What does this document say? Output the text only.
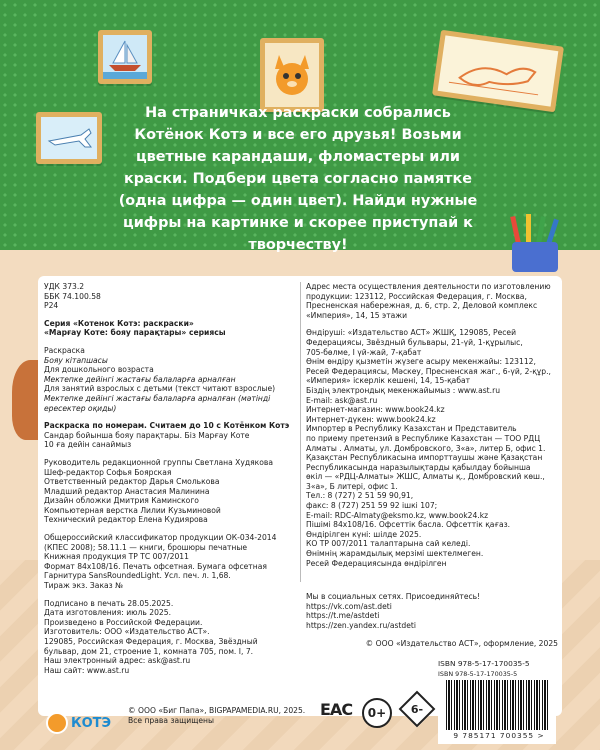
На страничках раскраски собрались Котёнок Котэ и все его друзья! Возьми цветные карандаши, фломастеры или краски. Подбери цвета согласно памятке (одна цифра — один цвет). Найди нужные цифры на картинке и скорее приступай к творчеству!
УДК 373.2
ББК 74.100.58
Р24
Серия «Котенок Котэ: раскраски»
«Марғау Коте: бояу парақтары» сериясы
Раскраска
Бояу кітапшасы
Для дошкольного возраста
Мектепке дейінгі жастағы балаларға арналған
Для занятий взрослых с детьми (текст читают взрослые)
Мектепке дейінгі жастағы балаларға арналған (мәтінді
ересектер оқиды)
Раскраска по номерам. Считаем до 10 с Котёнком Котэ
Сандар бойынша бояу парақтары. Біз Марғау Коте
10 ға дейін санаймыз
Руководитель редакционной группы Светлана Худякова
Шеф-редактор Софья Боярская
Ответственный редактор Дарья Смолькова
Младший редактор Анастасия Малинина
Дизайн обложки Дмитрия Каминского
Компьютерная верстка Лилии Кузьминовой
Технический редактор Елена Кудиярова
Общероссийский классификатор продукции ОК-034-2014
(КПЕС 2008); 58.11.1 — книги, брошюры печатные
Книжная продукция ТР ТС 007/2011
Формат 84х108/16. Печать офсетная. Бумага офсетная
Гарнитура SansRoundedLight. Усл. печ. л. 1,68.
Тираж экз. Заказ №
Подписано в печать 28.05.2025.
Дата изготовления: июль 2025.
Произведено в Российской Федерации.
Изготовитель: ООО «Издательство АСТ».
129085, Российская Федерация, г. Москва, Звёздный
бульвар, дом 21, строение 1, комната 705, пом. I, 7.
Наш электронный адрес: ask@ast.ru
Наш сайт: www.ast.ru
Адрес места осуществления деятельности по изготовлению
продукции: 123112, Российская Федерация, г. Москва,
Пресненская набережная, д. 6, стр. 2, Деловой комплекс
«Империя», 14, 15 этажи
Өндіруші: «Издательство АСТ» ЖШҚ, 129085, Ресей
Федерациясы, Звёздный бульвары, 21-үй, 1-құрылыс,
705-бөлме, I үй-жай, 7-қабат
Өнім өндіру қызметін жүзеге асыру мекенжайы: 123112,
Ресей Федерациясы, Мәскеу, Пресненская жаг., 6-үй, 2-құр.,
«Империя» іскерлік кешені, 14, 15-қабат
Біздің электрондық мекенжайымыз : www.ast.ru
E-mail: ask@ast.ru
Интернет-магазин: www.book24.kz
Интернет-дүкен: www.book24.kz
Импортер в Республику Казахстан и Представитель
по приему претензий в Республике Казахстан — ТОО РДЦ
Алматы . Алматы, ул. Домбровского, 3«а», литер Б, офис 1.
Қазақстан Республикасына импорттаушы және Қазақстан
Республикасында наразылықтарды қабылдау бойынша
өкіл — «РДЦ-Алматы» ЖШС, Алматы қ., Домбровский көш.,
3«а», Б литері, офис 1.
Тел.: 8 (727) 2 51 59 90,91,
факс: 8 (727) 251 59 92 ішкі 107;
E-mail: RDC-Almaty@eksmo.kz, www.book24.kz
Пішімі 84х108/16. Офсеттік басла. Офсеттік қағаз.
Өндірілген күні: шілде 2025.
КО ТР 007/2011 талаптарына сай келеді.
Өнімнің жарамдылық мерзімі шектелмеген.
Ресей Федерациясында өндірілген
Мы в социальных сетях. Присоединяйтесь!
https://vk.com/ast.deti
https://t.me/astdeti
https://zen.yandex.ru/astdeti
© ООО «Издательство АСТ», оформление, 2025
КОТЭ
© ООО «Биг Папа», BIGPAPAMEDIA.RU, 2025.
Все права защищены
EAC	0+	6-
ISBN 978-5-17-170035-5
ISBN 978-5-17-170035-5
9 785171 700355 >
